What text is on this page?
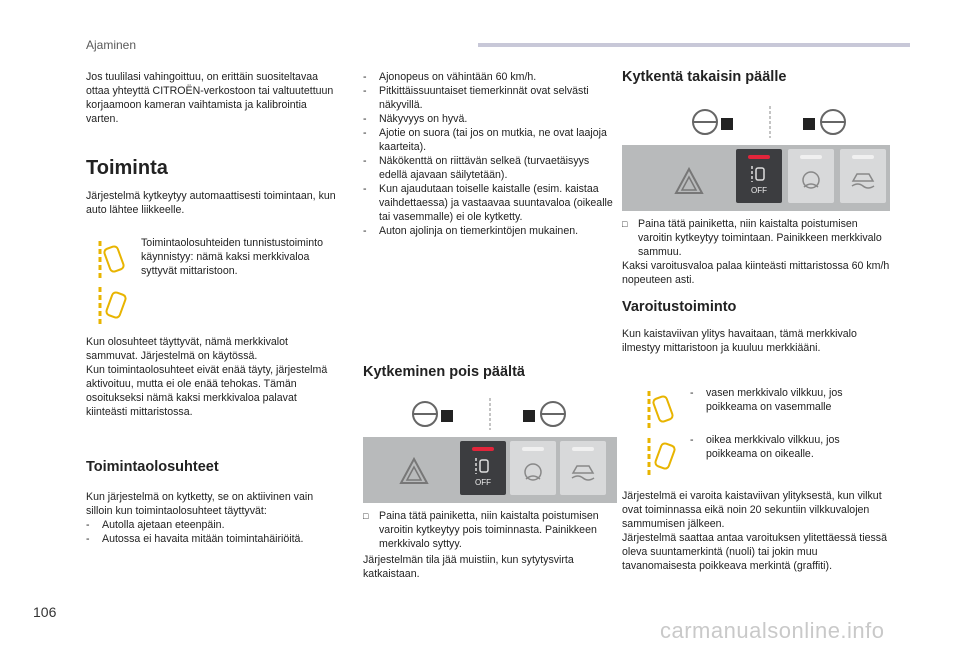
Ajaminen
Jos tuulilasi vahingoittuu, on erittäin suositeltavaa ottaa yhteyttä CITROËN-verkostoon tai valtuutettuun korjaamoon kameran vaihtamista ja kalibrointia varten.
Toiminta
Järjestelmä kytkeytyy automaattisesti toimintaan, kun auto lähtee liikkeelle.
Toimintaolosuhteiden tunnistustoiminto käynnistyy: nämä kaksi merkkivaloa syttyvät mittaristoon.
Kun olosuhteet täyttyvät, nämä merkkivalot sammuvat. Järjestelmä on käytössä.
Kun toimintaolosuhteet eivät enää täyty, järjestelmä aktivoituu, mutta ei ole enää tehokas. Tämän osoitukseksi nämä kaksi merkkivaloa palavat kiinteästi mittaristossa.
Toimintaolosuhteet
Kun järjestelmä on kytketty, se on aktiivinen vain silloin kun toimintaolosuhteet täyttyvät:
- Autolla ajetaan eteenpäin.
- Autossa ei havaita mitään toimintahäiriöitä.
- Ajonopeus on vähintään 60 km/h.
- Pitkittäissuuntaiset tiemerkinnät ovat selvästi näkyvillä.
- Näkyvyys on hyvä.
- Ajotie on suora (tai jos on mutkia, ne ovat laajoja kaarteita).
- Näkökenttä on riittävän selkeä (turvaetäisyys edellä ajavaan säilytetään).
- Kun ajaudutaan toiselle kaistalle (esim. kaistaa vaihdettaessa) ja vastaavaa suuntavaloa (oikealle tai vasemmalle) ei ole kytketty.
- Auton ajolinja on tiemerkintöjen mukainen.
Kytkeminen pois päältä
OFF
□ Paina tätä painiketta, niin kaistalta poistumisen varoitin kytkeytyy pois toiminnasta. Painikkeen merkkivalo syttyy.
Järjestelmän tila jää muistiin, kun sytytysvirta katkaistaan.
Kytkentä takaisin päälle
OFF
□ Paina tätä painiketta, niin kaistalta poistumisen varoitin kytkeytyy toimintaan. Painikkeen merkkivalo sammuu.
Kaksi varoitusvaloa palaa kiinteästi mittaristossa 60 km/h nopeuteen asti.
Varoitustoiminto
Kun kaistaviivan ylitys havaitaan, tämä merkkivalo ilmestyy mittaristoon ja kuuluu merkkiääni.
- vasen merkkivalo vilkkuu, jos poikkeama on vasemmalle
- oikea merkkivalo vilkkuu, jos poikkeama on oikealle.
Järjestelmä ei varoita kaistaviivan ylityksestä, kun vilkut ovat toiminnassa eikä noin 20 sekuntiin vilkkuvalojen sammumisen jälkeen.
Järjestelmä saattaa antaa varoituksen ylitettäessä tiessä oleva suuntamerkintä (nuoli) tai jokin muu tavanomaisesta poikkeava merkintä (graffiti).
106
carmanualsonline.info
